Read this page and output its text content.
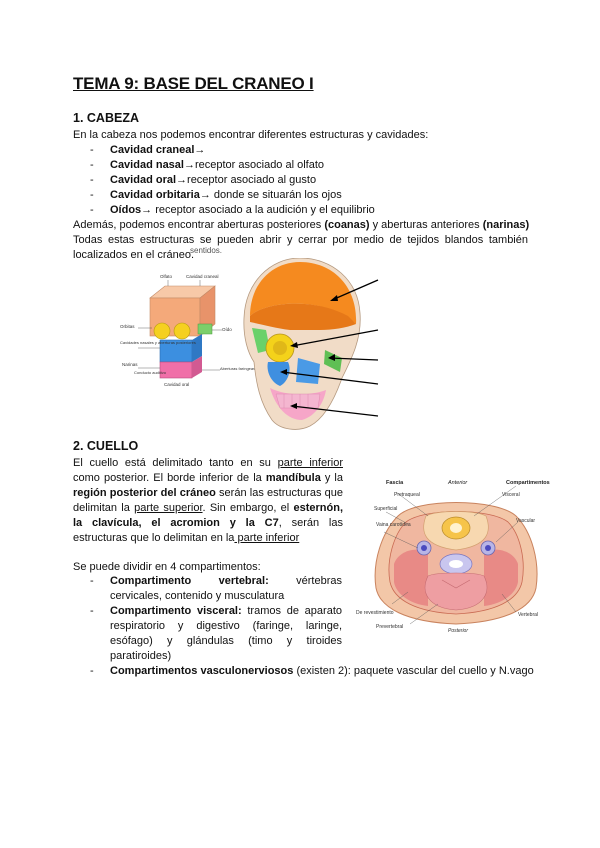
TEMA 9: BASE DEL CRANEO I
1. CABEZA
En la cabeza nos podemos encontrar diferentes estructuras y cavidades:
- Cavidad craneal→
- Cavidad nasal→receptor asociado al olfato
- Cavidad oral→receptor asociado al gusto
- Cavidad orbitaria→ donde se situarán los ojos
- Oídos→ receptor asociado a la audición y el equilibrio
Además, podemos encontrar aberturas posteriores (coanas) y aberturas anteriores (narinas)
Todas estas estructuras se pueden abrir y cerrar por medio de tejidos blandos también localizados en el cráneo.
sentidos.
Olfato	Cavidad craneal
Orbitas
Cavidades nasales y aberturas posteriores
Narinas
Cavidad oral
Conducto auditivo
Oído
Aberturas faríngeas
2. CUELLO
El cuello está delimitado tanto en su parte inferior como posterior. El borde inferior de la mandíbula y la región posterior del cráneo serán las estructuras que delimitan la parte superior. Sin embargo, el esternón, la clavícula, el acromion y la C7, serán las estructuras que lo delimitan en la parte inferior
Se puede dividir en 4 compartimentos:
- Compartimento vertebral: vértebras cervicales, contenido y musculatura
- Compartimento visceral: tramos de aparato respiratorio y digestivo (faringe, laringe, esófago) y glándulas (timo y tiroides paratiroides)
- Compartimentos vasculonerviosos (existen 2): paquete vascular del cuello y N.vago
Fascia	Anterior	Compartimentos
Pretraqueal	Visceral
Superficial
Vascular
Vaina carotídea
De revestimiento	Vertebral
Prevertebral
Posterior
